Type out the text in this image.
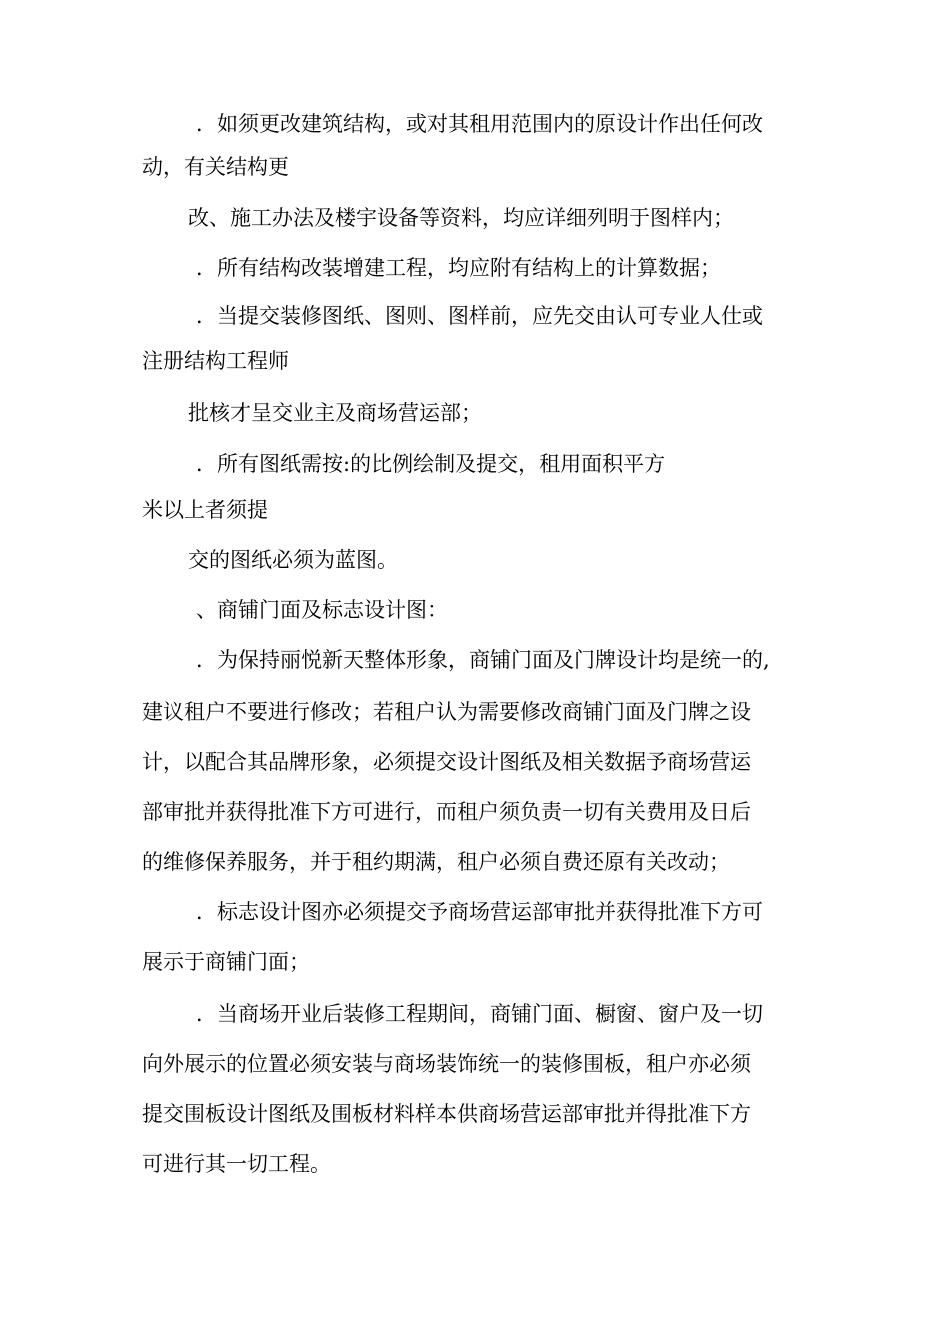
．如须更改建筑结构，或对其租用范围内的原设计作出任何改

动，有关结构更

改、施工办法及楼宇设备等资料，均应详细列明于图样内；

．所有结构改装增建工程，均应附有结构上的计算数据；

．当提交装修图纸、图则、图样前，应先交由认可专业人仕或

注册结构工程师

批核才呈交业主及商场营运部；

．所有图纸需按:的比例绘制及提交，租用面积平方

米以上者须提

交的图纸必须为蓝图。

、商铺门面及标志设计图：

．为保持丽悦新天整体形象，商铺门面及门牌设计均是统一的,

建议租户不要进行修改；若租户认为需要修改商铺门面及门牌之设

计，以配合其品牌形象，必须提交设计图纸及相关数据予商场营运

部审批并获得批准下方可进行，而租户须负责一切有关费用及日后

的维修保养服务，并于租约期满，租户必须自费还原有关改动；

．标志设计图亦必须提交予商场营运部审批并获得批准下方可

展示于商铺门面；

．当商场开业后装修工程期间，商铺门面、橱窗、窗户及一切

向外展示的位置必须安装与商场装饰统一的装修围板，租户亦必须

提交围板设计图纸及围板材料样本供商场营运部审批并得批准下方

可进行其一切工程。
